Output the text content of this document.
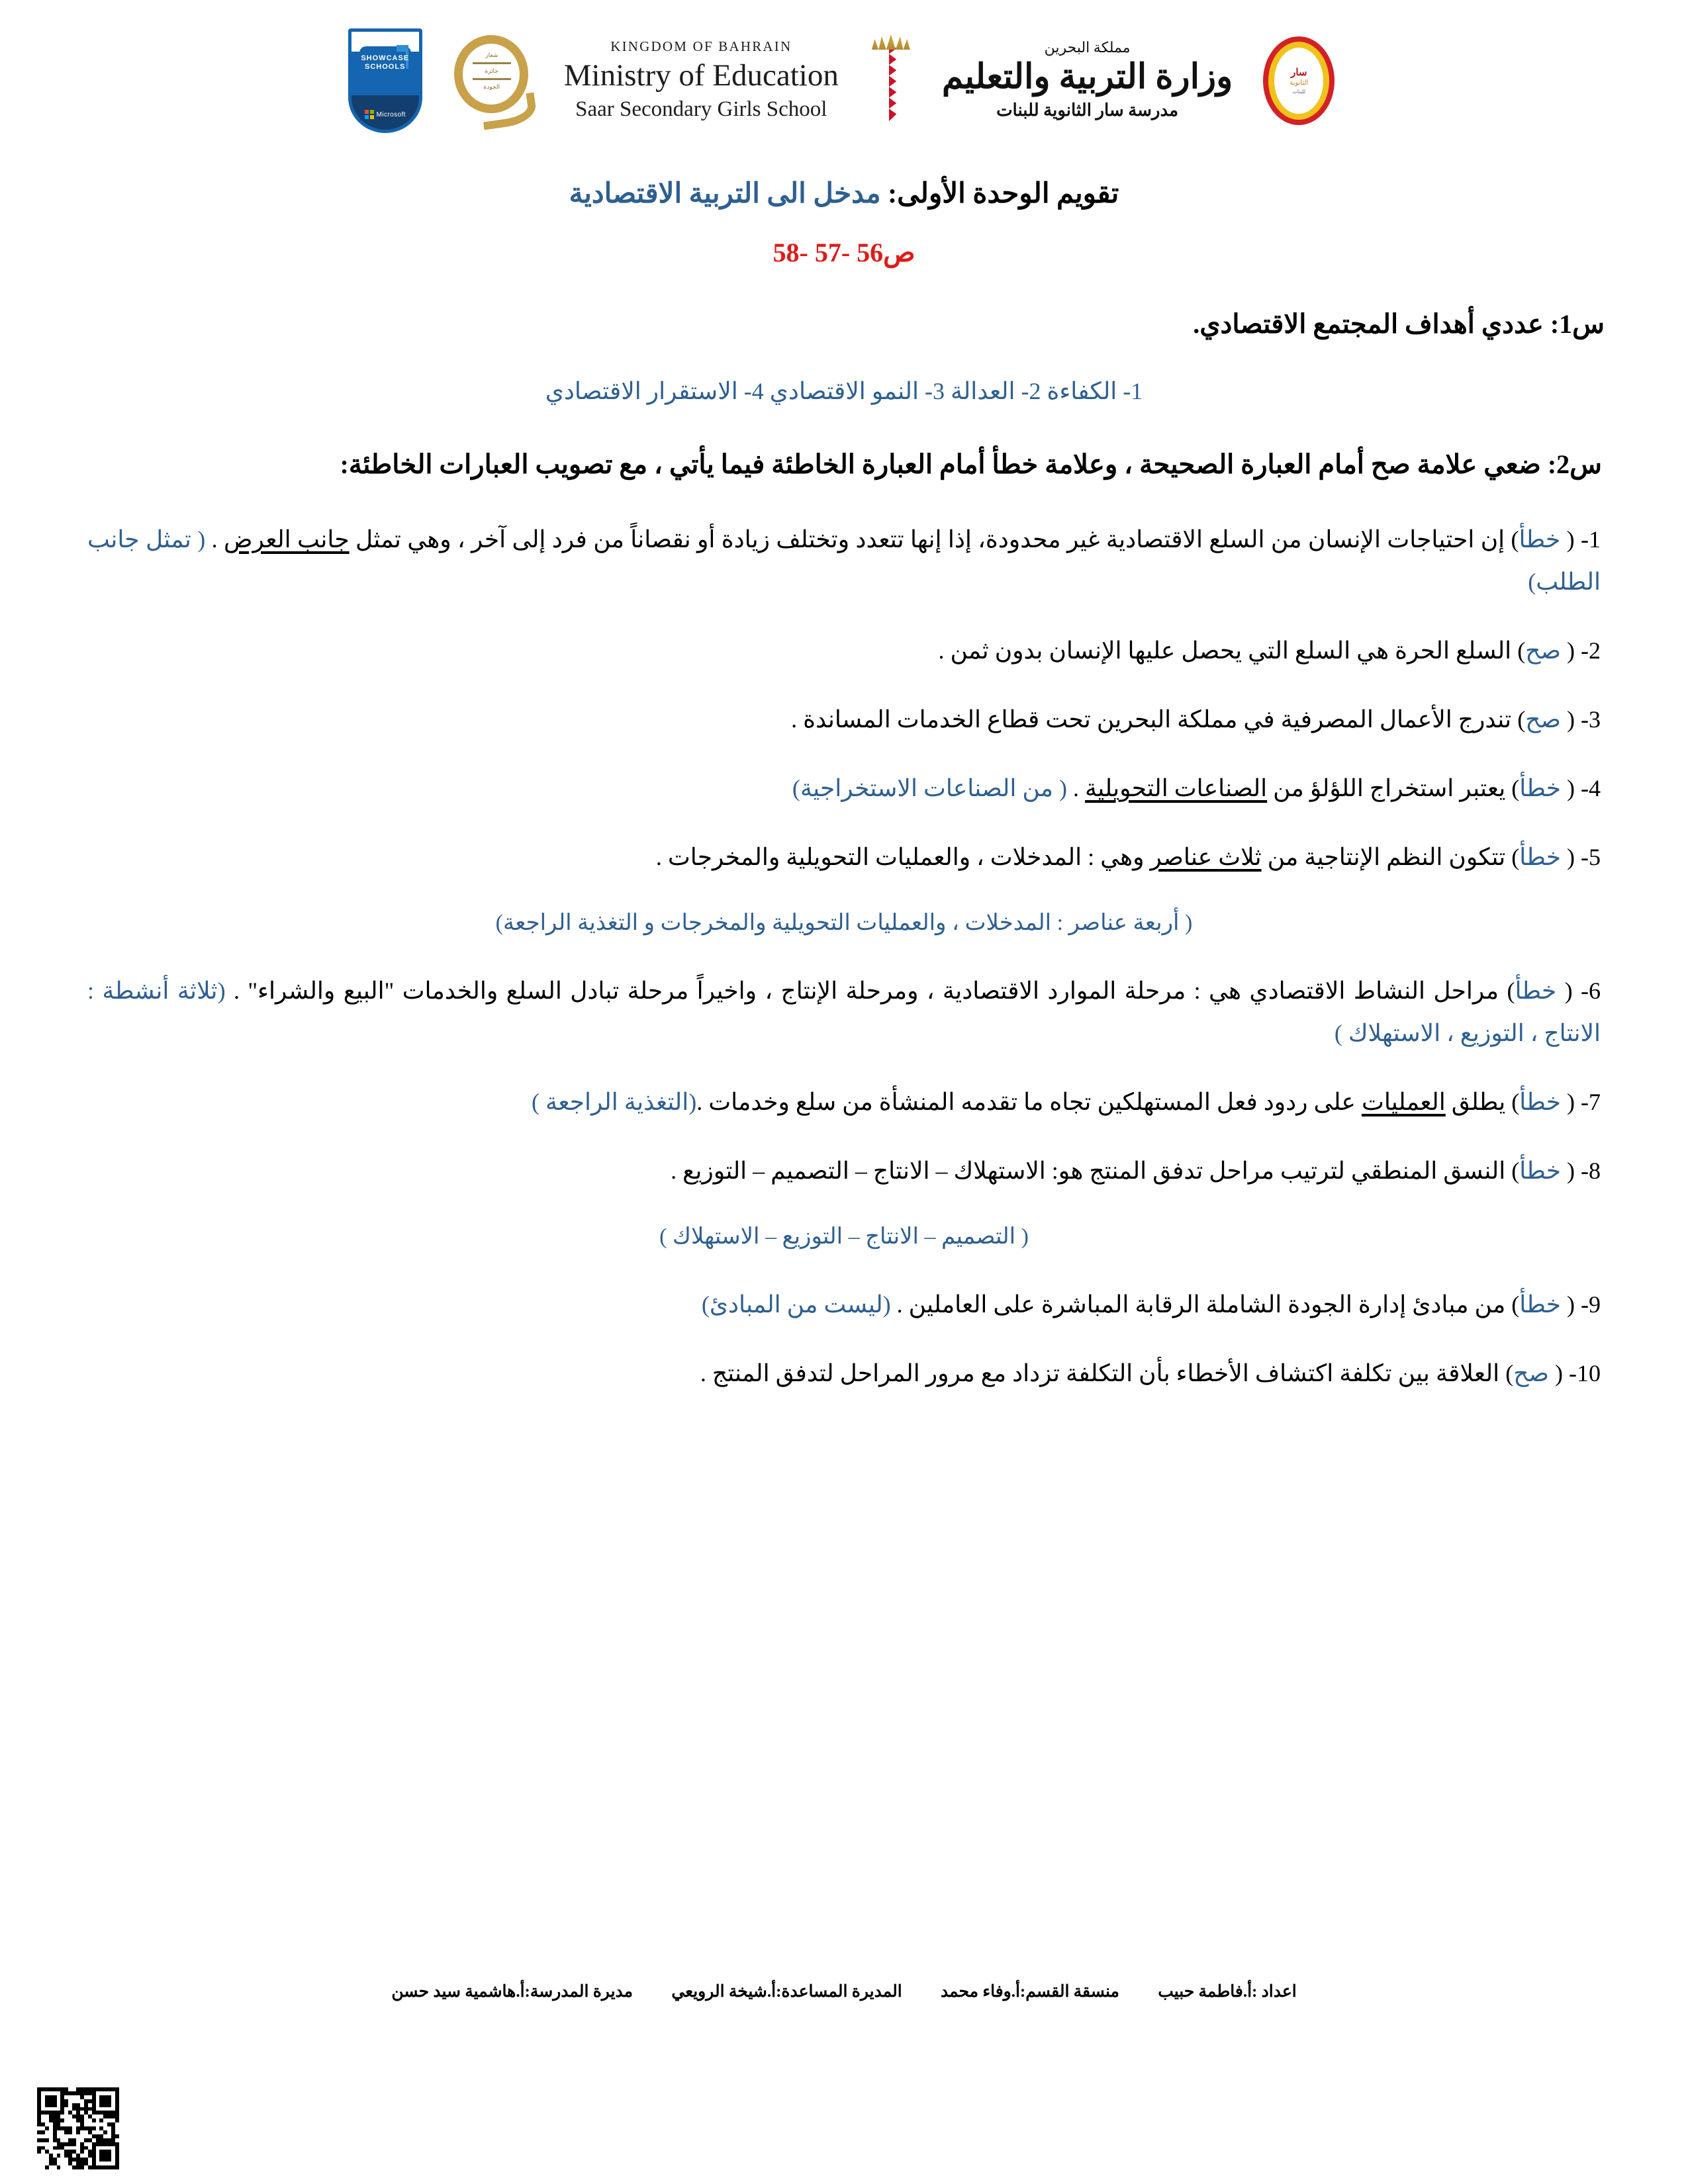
SHOWCASE
SCHOOLS
Microsoft
شعار
جائزة
الجودة
KINGDOM OF BAHRAIN
Ministry of Education
Saar Secondary Girls School
مملكة البحرين
وزارة التربية والتعليم
مدرسة سار الثانوية للبنات
سار
الثانوية
للبنات
تقويم الوحدة الأولى: مدخل الى التربية الاقتصادية
ص56 -57 -58
س1: عددي أهداف المجتمع الاقتصادي.
1- الكفاءة 2- العدالة 3- النمو الاقتصادي 4- الاستقرار الاقتصادي
س2: ضعي علامة صح أمام العبارة الصحيحة ، وعلامة خطأ أمام العبارة الخاطئة فيما يأتي ، مع تصويب العبارات الخاطئة:
1- ( خطأ) إن احتياجات الإنسان من السلع الاقتصادية غير محدودة، إذا إنها تتعدد وتختلف زيادة أو نقصاناً من فرد إلى آخر ، وهي تمثل جانب العرض . ( تمثل جانب الطلب)
2- ( صح) السلع الحرة هي السلع التي يحصل عليها الإنسان بدون ثمن .
3- ( صح) تندرج الأعمال المصرفية في مملكة البحرين تحت قطاع الخدمات المساندة .
4- ( خطأ) يعتبر استخراج اللؤلؤ من الصناعات التحويلية . ( من الصناعات الاستخراجية)
5- ( خطأ) تتكون النظم الإنتاجية من ثلاث عناصر وهي : المدخلات ، والعمليات التحويلية والمخرجات .
( أربعة عناصر : المدخلات ، والعمليات التحويلية والمخرجات و التغذية الراجعة)
6- ( خطأ) مراحل النشاط الاقتصادي هي : مرحلة الموارد الاقتصادية ، ومرحلة الإنتاج ، واخيراً مرحلة تبادل السلع والخدمات "البيع والشراء" . (ثلاثة أنشطة : الانتاج ، التوزيع ، الاستهلاك )
7- ( خطأ) يطلق العمليات على ردود فعل المستهلكين تجاه ما تقدمه المنشأة من سلع وخدمات .(التغذية الراجعة )
8- ( خطأ) النسق المنطقي لترتيب مراحل تدفق المنتج هو: الاستهلاك – الانتاج – التصميم – التوزيع .
( التصميم – الانتاج – التوزيع – الاستهلاك )
9- ( خطأ) من مبادئ إدارة الجودة الشاملة الرقابة المباشرة على العاملين . (ليست من المبادئ)
10- ( صح) العلاقة بين تكلفة اكتشاف الأخطاء بأن التكلفة تزداد مع مرور المراحل لتدفق المنتج .
اعداد :أ.فاطمة حبيب منسقة القسم:أ.وفاء محمد المديرة المساعدة:أ.شيخة الرويعي مديرة المدرسة:أ.هاشمية سيد حسن
